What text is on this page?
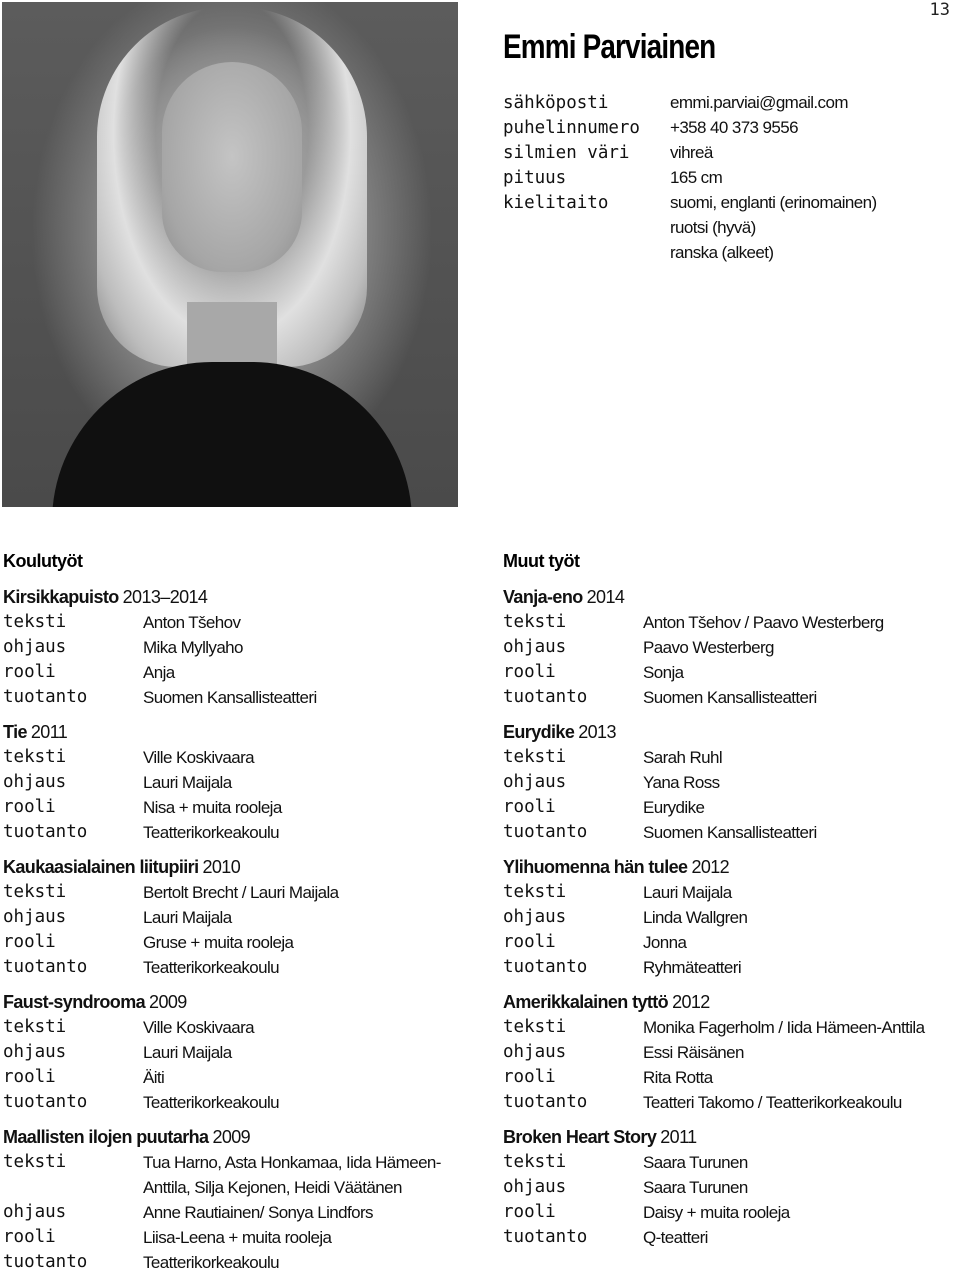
13
Emmi Parviainen
sähköposti	emmi.parviai@gmail.com
puhelinnumero	+358 40 373 9556
silmien väri	vihreä
pituus	165 cm
kielitaito	suomi, englanti (erinomainen)
ruotsi (hyvä)
ranska (alkeet)
Koulutyöt
Kirsikkapuisto 2013–2014
teksti	Anton Tšehov
ohjaus	Mika Myllyaho
rooli	Anja
tuotanto	Suomen Kansallisteatteri
Tie 2011
teksti	Ville Koskivaara
ohjaus	Lauri Maijala
rooli	Nisa + muita rooleja
tuotanto	Teatterikorkeakoulu
Kaukaasialainen liitupiiri 2010
teksti	Bertolt Brecht / Lauri Maijala
ohjaus	Lauri Maijala
rooli	Gruse + muita rooleja
tuotanto	Teatterikorkeakoulu
Faust-syndrooma 2009
teksti	Ville Koskivaara
ohjaus	Lauri Maijala
rooli	Äiti
tuotanto	Teatterikorkeakoulu
Maallisten ilojen puutarha 2009
teksti	Tua Harno, Asta Honkamaa, Iida Hämeen-
Anttila, Silja Kejonen, Heidi Väätänen
ohjaus	Anne Rautiainen/ Sonya Lindfors
rooli	Liisa-Leena + muita rooleja
tuotanto	Teatterikorkeakoulu
Muut työt
Vanja-eno 2014
teksti	Anton Tšehov / Paavo Westerberg
ohjaus	Paavo Westerberg
rooli	Sonja
tuotanto	Suomen Kansallisteatteri
Eurydike 2013
teksti	Sarah Ruhl
ohjaus	Yana Ross
rooli	Eurydike
tuotanto	Suomen Kansallisteatteri
Ylihuomenna hän tulee 2012
teksti	Lauri Maijala
ohjaus	Linda Wallgren
rooli	Jonna
tuotanto	Ryhmäteatteri
Amerikkalainen tyttö 2012
teksti	Monika Fagerholm / Iida Hämeen-Anttila
ohjaus	Essi Räisänen
rooli	Rita Rotta
tuotanto	Teatteri Takomo / Teatterikorkeakoulu
Broken Heart Story 2011
teksti	Saara Turunen
ohjaus	Saara Turunen
rooli	Daisy + muita rooleja
tuotanto	Q-teatteri
